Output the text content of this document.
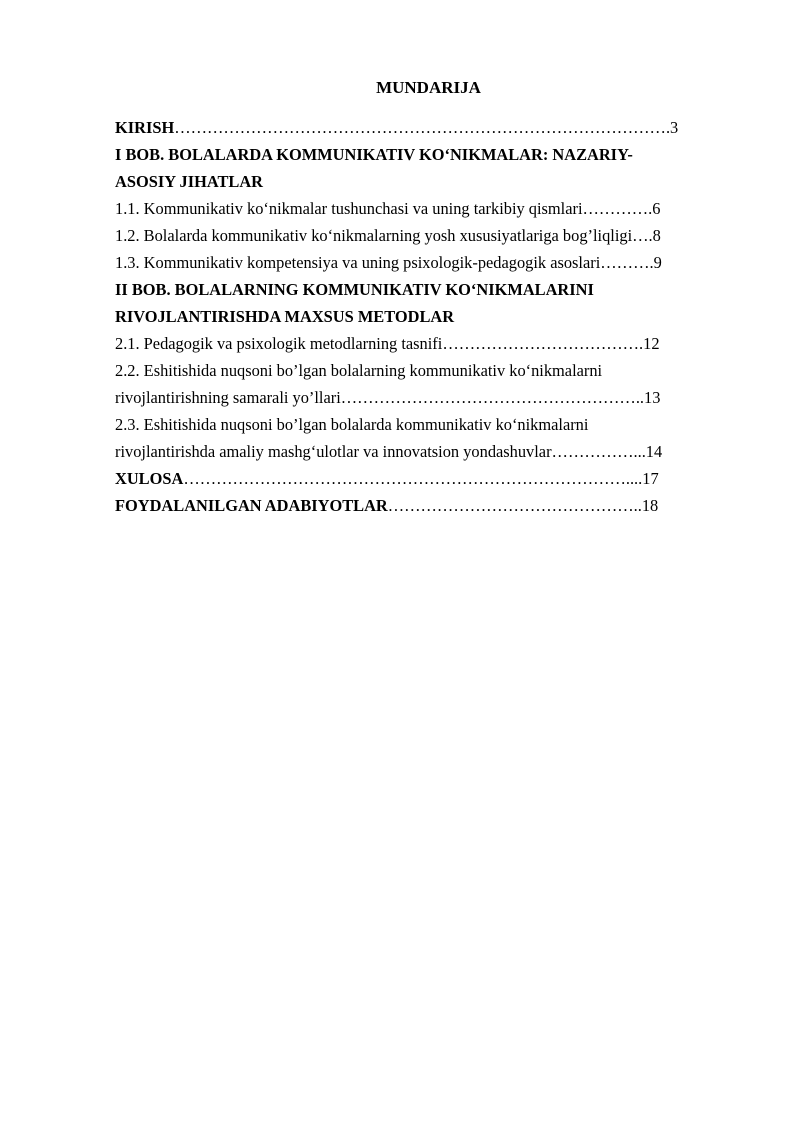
MUNDARIJA
KIRISH……………………………………………………………………………….3
I BOB. BOLALARDA KOMMUNIKATIV KO‘NIKMALAR: NAZARIY-
ASOSIY JIHATLAR
1.1. Kommunikativ ko‘nikmalar tushunchasi va uning tarkibiy qismlari………….6
1.2. Bolalarda kommunikativ ko‘nikmalarning yosh xususiyatlariga bog’liqligi….8
1.3. Kommunikativ kompetensiya va uning psixologik-pedagogik asoslari……….9
II BOB. BOLALARNING KOMMUNIKATIV KO‘NIKMALARINI
RIVOJLANTIRISHDA MAXSUS METODLAR
2.1. Pedagogik va psixologik metodlarning tasnifi……………………………….12
2.2. Eshitishida nuqsoni bo’lgan bolalarning kommunikativ ko‘nikmalarni
rivojlantirishning samarali yo’llari………………………………………………..13
2.3. Eshitishida nuqsoni bo’lgan bolalarda kommunikativ ko‘nikmalarni
rivojlantirishda amaliy mashg‘ulotlar va innovatsion yondashuvlar……………...14
XULOSA………………………………………………………………………....17
FOYDALANILGAN ADABIYOTLAR………………………………………..18
